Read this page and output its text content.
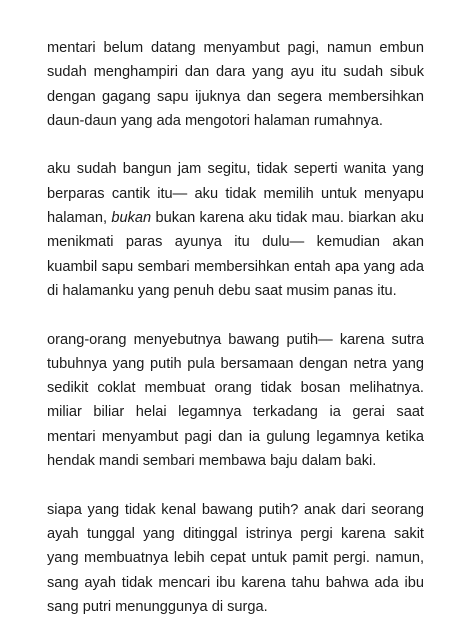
mentari belum datang menyambut pagi, namun embun sudah menghampiri dan dara yang ayu itu sudah sibuk dengan gagang sapu ijuknya dan segera membersihkan daun-daun yang ada mengotori halaman rumahnya.

aku sudah bangun jam segitu, tidak seperti wanita yang berparas cantik itu— aku tidak memilih untuk menyapu halaman, bukan bukan karena aku tidak mau. biarkan aku menikmati paras ayunya itu dulu— kemudian akan kuambil sapu sembari membersihkan entah apa yang ada di halamanku yang penuh debu saat musim panas itu.

orang-orang menyebutnya bawang putih— karena sutra tubuhnya yang putih pula bersamaan dengan netra yang sedikit coklat membuat orang tidak bosan melihatnya. miliar biliar helai legamnya terkadang ia gerai saat mentari menyambut pagi dan ia gulung legamnya ketika hendak mandi sembari membawa baju dalam baki.

siapa yang tidak kenal bawang putih? anak dari seorang ayah tunggal yang ditinggal istrinya pergi karena sakit yang membuatnya lebih cepat untuk pamit pergi. namun, sang ayah tidak mencari ibu karena tahu bahwa ada ibu sang putri menunggunya di surga.
